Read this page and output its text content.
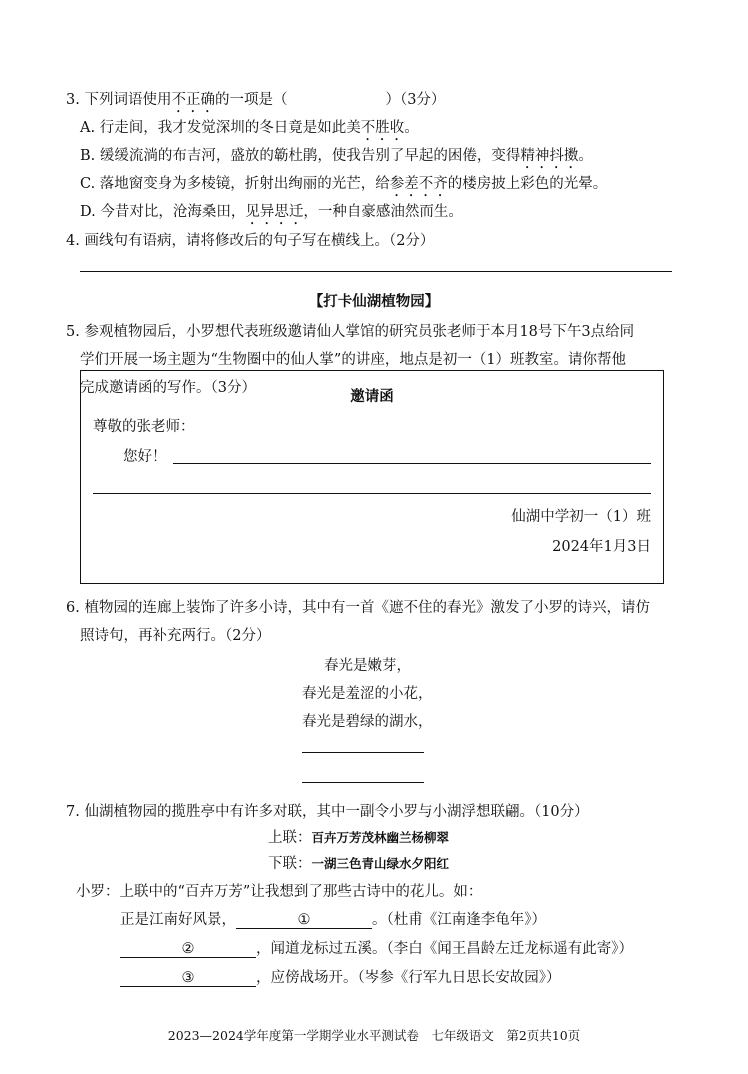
3. 下列词语使用不正确的一项是（	）（3分）
A. 行走间，我才发觉深圳的冬日竟是如此美不胜收。
B. 缓缓流淌的布吉河，盛放的簕杜鹃，使我告别了早起的困倦，变得精神抖擞。
C. 落地窗变身为多棱镜，折射出绚丽的光芒，给参差不齐的楼房披上彩色的光晕。
D. 今昔对比，沧海桑田，见异思迁，一种自豪感油然而生。
4. 画线句有语病，请将修改后的句子写在横线上。（2分）
【打卡仙湖植物园】
5. 参观植物园后，小罗想代表班级邀请仙人掌馆的研究员张老师于本月18号下午3点给同
学们开展一场主题为“生物圈中的仙人掌”的讲座，地点是初一（1）班教室。请你帮他
完成邀请函的写作。（3分）	邀请函
尊敬的张老师：
您好！
仙湖中学初一（1）班
2024年1月3日
6. 植物园的连廊上装饰了许多小诗，其中有一首《遮不住的春光》激发了小罗的诗兴，请仿
照诗句，再补充两行。（2分）
春光是嫩芽，
春光是羞涩的小花，
春光是碧绿的湖水，
7. 仙湖植物园的揽胜亭中有许多对联，其中一副令小罗与小湖浮想联翩。（10分）
上联：百卉万芳茂林幽兰杨柳翠
下联：一湖三色青山绿水夕阳红
小罗：上联中的“百卉万芳”让我想到了那些古诗中的花儿。如：
正是江南好风景，	①	。（杜甫《江南逢李龟年》）
②	，闻道龙标过五溪。（李白《闻王昌龄左迁龙标遥有此寄》）
③	，应傍战场开。（岑参《行军九日思长安故园》）
2023—2024学年度第一学期学业水平测试卷　七年级语文　第2页共10页
